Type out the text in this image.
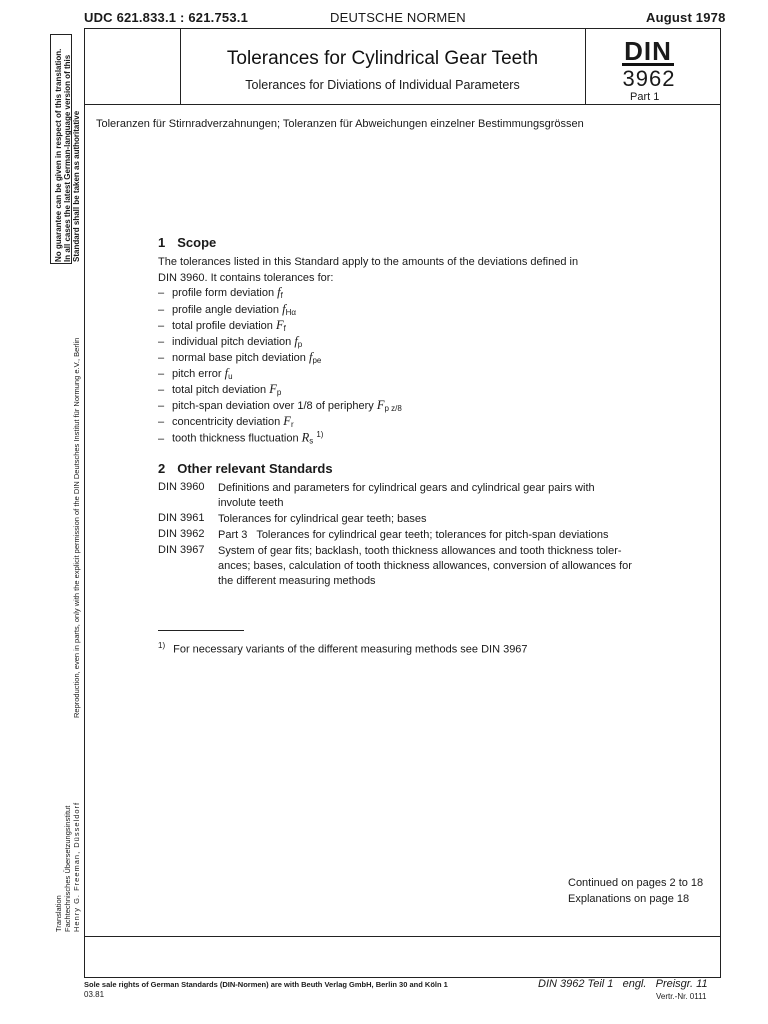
UDC 621.833.1 : 621.753.1	DEUTSCHE NORMEN	August 1978
Tolerances for Cylindrical Gear Teeth
Tolerances for Diviations of Individual Parameters
DIN
3962
Part 1
Toleranzen für Stirnradverzahnungen; Toleranzen für Abweichungen einzelner Bestimmungsgrössen
1 Scope
The tolerances listed in this Standard apply to the amounts of the deviations defined in
DIN 3960. It contains tolerances for:
– profile form deviation $f_f$
– profile angle deviation $f_{H\alpha}$
– total profile deviation $F_f$
– individual pitch deviation $f_p$
– normal base pitch deviation $f_{pe}$
– pitch error $f_u$
– total pitch deviation $F_p$
– pitch-span deviation over 1/8 of periphery $F_{p z/8}$
– concentricity deviation $F_r$
– tooth thickness fluctuation $R_s$ $^{1)}$
2 Other relevant Standards
DIN 3960 Definitions and parameters for cylindrical gears and cylindrical gear pairs with
involute teeth
DIN 3961 Tolerances for cylindrical gear teeth; bases
DIN 3962 Part 3   Tolerances for cylindrical gear teeth; tolerances for pitch-span deviations
DIN 3967 System of gear fits; backlash, tooth thickness allowances and tooth thickness toler-
ances; bases, calculation of tooth thickness allowances, conversion of allowances for
the different measuring methods
$^{1)}$ For necessary variants of the different measuring methods see DIN 3967
Continued on pages 2 to 18
Explanations on page 18
No guarantee can be given in respect of this translation. In all cases the latest German-language version of this Standard shall be taken as authoritative
Reproduction, even in parts, only with the explicit permission of the DIN Deutsches Institut für Normung e.V., Berlin
Translation Fachtechnisches Übersetzungsinstitut Henry G. Freeman, Düsseldorf
Sole sale rights of German Standards (DIN-Normen) are with Beuth Verlag GmbH, Berlin 30 and Köln 1
03.81
DIN 3962 Teil 1   engl.   Preisgr. 11
Vertr.-Nr. 0111
